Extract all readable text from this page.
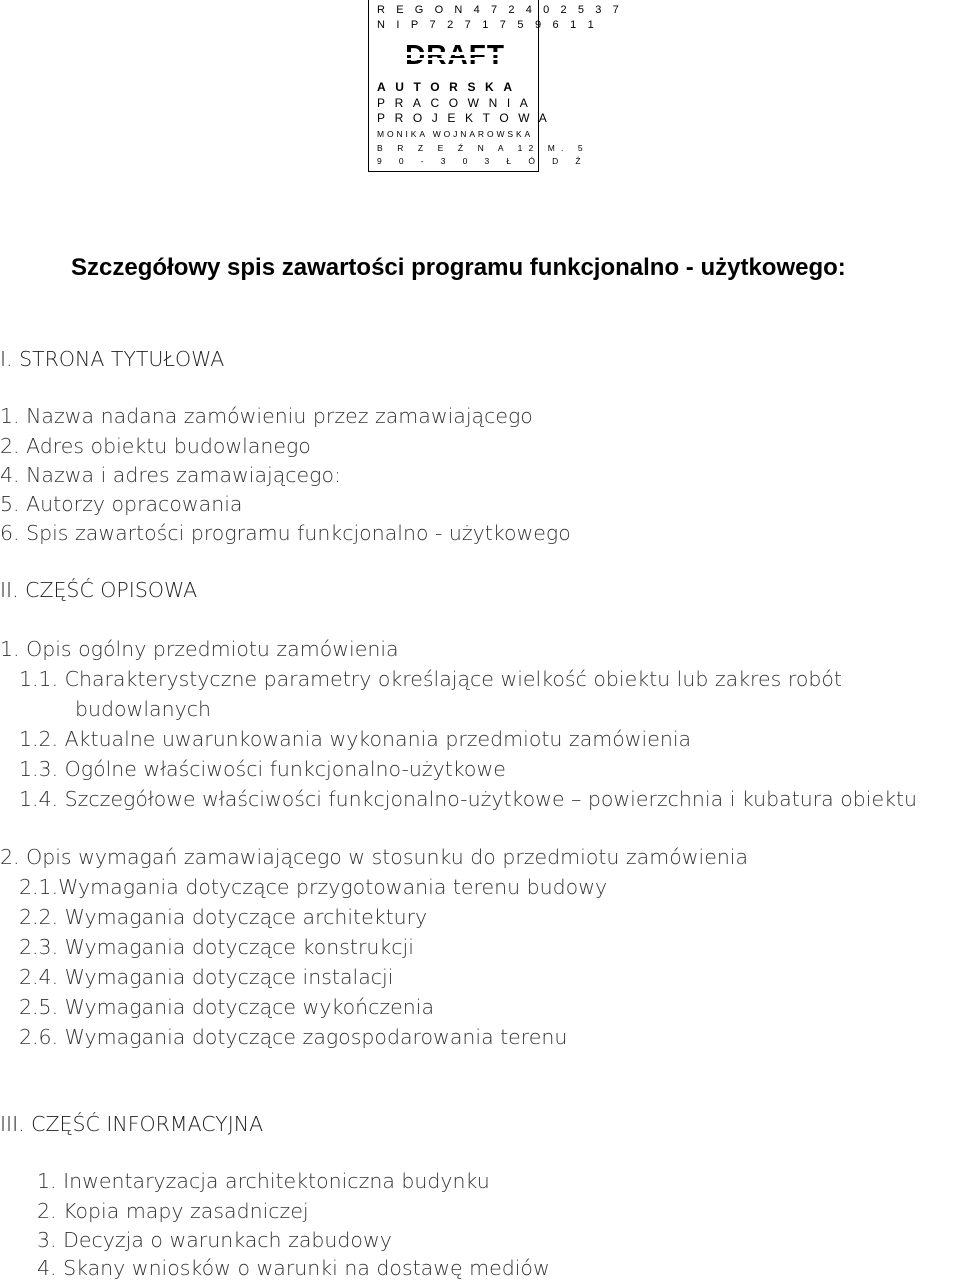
R E G O N 4 7 2 4 0 2 5 3 7
N I P 7 2 7 1 7 5 9 6 1 1
AUTORSKA
PRACOWNIA
PROJEKTOWA
MONIKA WOJNAROWSKA
B R Z E Ź N A 12 M. 5
9 0 - 3 0 3 Ł Ó D Ź
Szczegółowy spis zawartości programu funkcjonalno - użytkowego:
I. STRONA TYTUŁOWA
1. Nazwa nadana zamówieniu przez zamawiającego
2. Adres obiektu budowlanego
4. Nazwa i adres zamawiającego:
5. Autorzy opracowania
6. Spis zawartości programu funkcjonalno - użytkowego
II. CZĘŚĆ OPISOWA
1. Opis ogólny przedmiotu zamówienia
1.1. Charakterystyczne parametry określające wielkość obiektu lub zakres robót
budowlanych
1.2. Aktualne uwarunkowania wykonania przedmiotu zamówienia
1.3. Ogólne właściwości funkcjonalno-użytkowe
1.4. Szczegółowe właściwości funkcjonalno-użytkowe – powierzchnia i kubatura obiektu
2. Opis wymagań zamawiającego w stosunku do przedmiotu zamówienia
2.1.Wymagania dotyczące przygotowania terenu budowy
2.2. Wymagania dotyczące architektury
2.3. Wymagania dotyczące konstrukcji
2.4. Wymagania dotyczące instalacji
2.5. Wymagania dotyczące wykończenia
2.6. Wymagania dotyczące zagospodarowania terenu
III. CZĘŚĆ INFORMACYJNA
1. Inwentaryzacja architektoniczna budynku
2. Kopia mapy zasadniczej
3. Decyzja o warunkach zabudowy
4. Skany wniosków o warunki na dostawę mediów
